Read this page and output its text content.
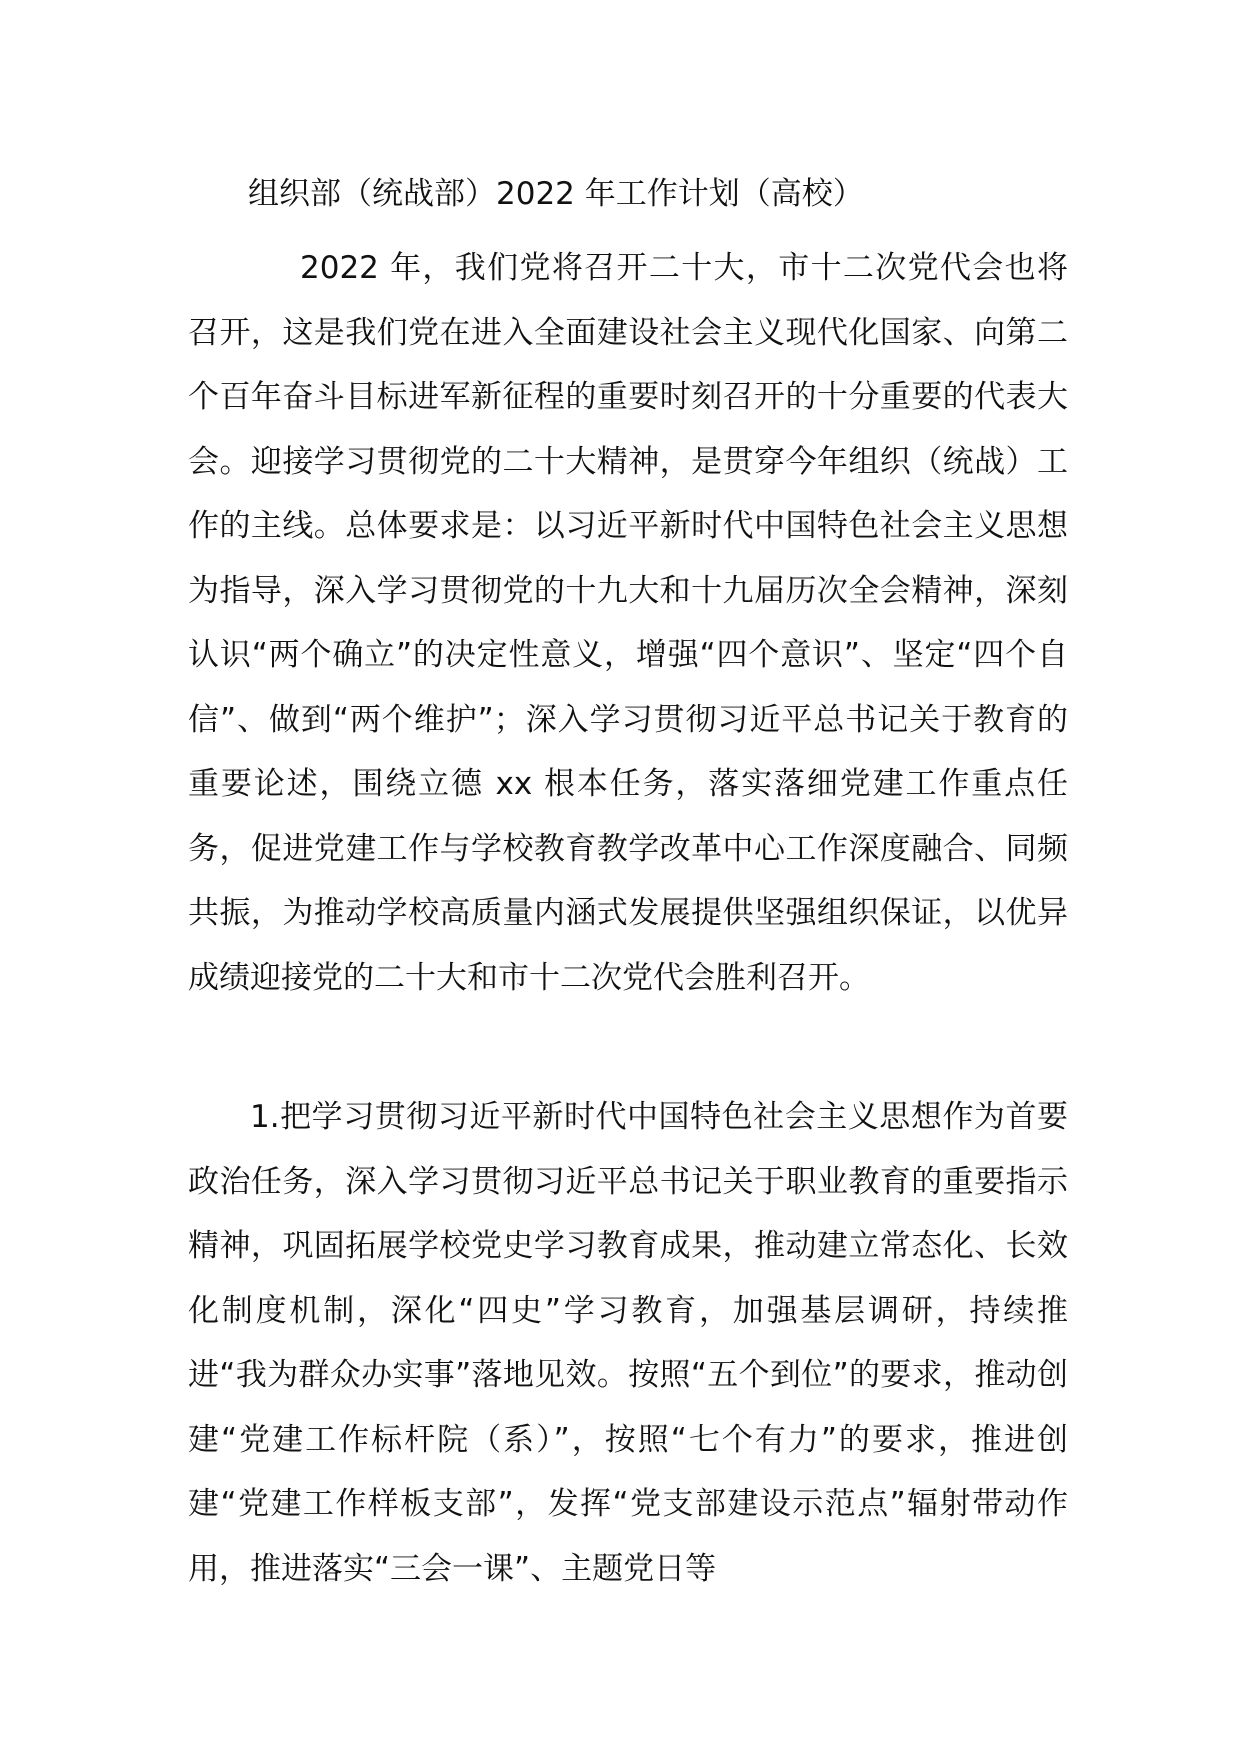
组织部（统战部）2022 年工作计划（高校）

2022 年，我们党将召开二十大，市十二次党代会也将召开，这是我们党在进入全面建设社会主义现代化国家、向第二个百年奋斗目标进军新征程的重要时刻召开的十分重要的代表大会。迎接学习贯彻党的二十大精神，是贯穿今年组织（统战）工作的主线。总体要求是：以习近平新时代中国特色社会主义思想为指导，深入学习贯彻党的十九大和十九届历次全会精神，深刻认识“两个确立”的决定性意义，增强“四个意识”、坚定“四个自信”、做到“两个维护”；深入学习贯彻习近平总书记关于教育的重要论述，围绕立德 xx 根本任务，落实落细党建工作重点任务，促进党建工作与学校教育教学改革中心工作深度融合、同频共振，为推动学校高质量内涵式发展提供坚强组织保证，以优异成绩迎接党的二十大和市十二次党代会胜利召开。

1.把学习贯彻习近平新时代中国特色社会主义思想作为首要政治任务，深入学习贯彻习近平总书记关于职业教育的重要指示精神，巩固拓展学校党史学习教育成果，推动建立常态化、长效化制度机制，深化“四史”学习教育，加强基层调研，持续推进“我为群众办实事”落地见效。按照“五个到位”的要求，推动创建“党建工作标杆院（系）”，按照“七个有力”的要求，推进创建“党建工作样板支部”，发挥“党支部建设示范点”辐射带动作用，推进落实“三会一课”、主题党日等
